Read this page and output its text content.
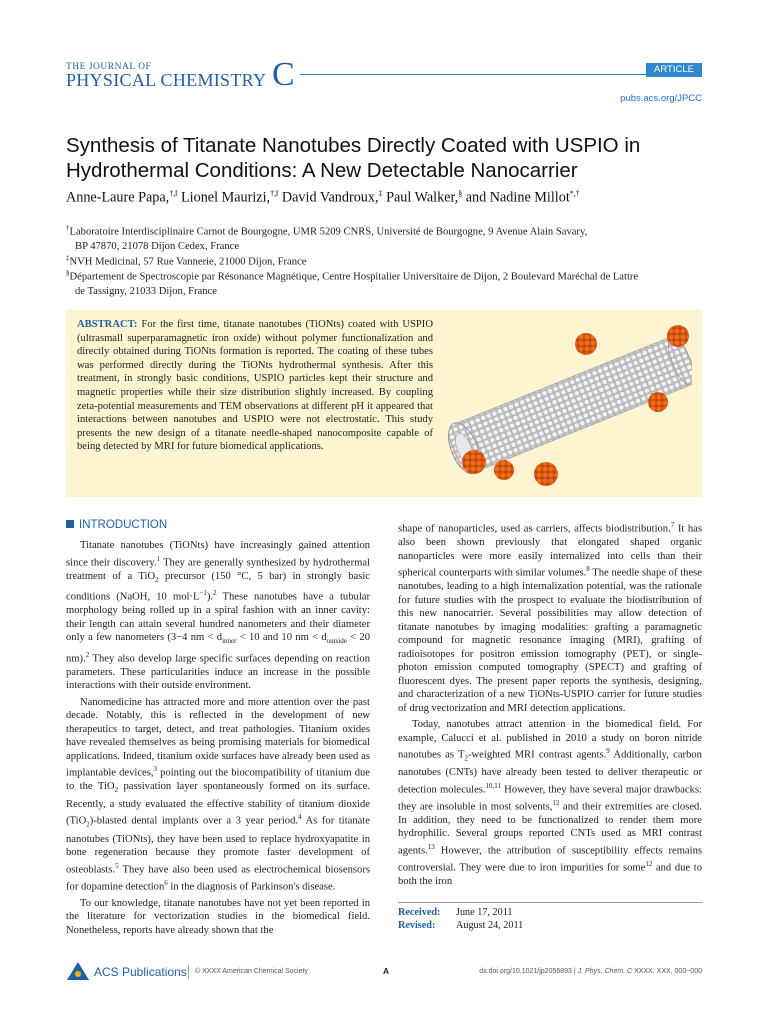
THE JOURNAL OF
PHYSICAL CHEMISTRY C	ARTICLE
pubs.acs.org/JPCC
Synthesis of Titanate Nanotubes Directly Coated with USPIO in Hydrothermal Conditions: A New Detectable Nanocarrier
Anne-Laure Papa,†,‖ Lionel Maurizi,†,‖ David Vandroux,‡ Paul Walker,§ and Nadine Millot*,†
†Laboratoire Interdisciplinaire Carnot de Bourgogne, UMR 5209 CNRS, Université de Bourgogne, 9 Avenue Alain Savary,
BP 47870, 21078 Dijon Cedex, France
‡NVH Medicinal, 57 Rue Vannerie, 21000 Dijon, France
§Département de Spectroscopie par Résonance Magnétique, Centre Hospitalier Universitaire de Dijon, 2 Boulevard Maréchal de Lattre
de Tassigny, 21033 Dijon, France
ABSTRACT: For the first time, titanate nanotubes (TiONts) coated with USPIO (ultrasmall superparamagnetic iron oxide) without polymer functionalization and directly obtained during TiONts formation is reported. The coating of these tubes was performed directly during the TiONts hydrothermal synthesis. After this treatment, in strongly basic conditions, USPIO particles kept their structure and magnetic properties while their size distribution slightly increased. By coupling zeta-potential measurements and TEM observations at different pH it appeared that interactions between nanotubes and USPIO were not electrostatic. This study presents the new design of a titanate needle-shaped nanocomposite capable of being detected by MRI for future biomedical applications.
INTRODUCTION

Titanate nanotubes (TiONts) have increasingly gained attention since their discovery.$^1$ They are generally synthesized by hydrothermal treatment of a TiO$_2$ precursor (150 °C, 5 bar) in strongly basic conditions (NaOH, 10 $mol\cdot L^{-1}).^2$ These nanotubes have a tubular morphology being rolled up in a spiral fashion with an inner cavity: their length can attain several hundred nanometers and their diameter only a few nanometers (3−4 nm < $d_{inner} < 10$ and 10 nm < $d_{outside} < 20$ nm).$^2$ They also develop large specific surfaces depending on reaction parameters. These particularities induce an increase in the possible interactions with their outside environment.

Nanomedicine has attracted more and more attention over the past decade. Notably, this is reflected in the development of new therapeutics to target, detect, and treat pathologies. Titanium oxides have revealed themselves as being promising materials for biomedical applications. Indeed, titanium oxide surfaces have already been used as implantable devices,$^3$ pointing out the biocompatibility of titanium due to the TiO$_2$ passivation layer spontaneously formed on its surface. Recently, a study evaluated the effective stability of titanium dioxide (TiO$_2$)-blasted dental implants over a 3 year period.$^4$ As for titanate nanotubes (TiONts), they have been used to replace hydroxyapatite in bone regeneration because they promote faster development of osteoblasts.$^5$ They have also been used as electrochemical biosensors for dopamine detection$^6$ in the diagnosis of Parkinson's disease.

To our knowledge, titanate nanotubes have not yet been reported in the literature for vectorization studies in the biomedical field. Nonetheless, reports have already shown that the

shape of nanoparticles, used as carriers, affects biodistribution.$^7$ It has also been shown previously that elongated shaped organic nanoparticles were more easily internalized into cells than their spherical counterparts with similar volumes.$^8$ The needle shape of these nanotubes, leading to a high internalization potential, was the rationale for future studies with the prospect to evaluate the biodistribution of this new nanocarrier. Several possibilities may allow detection of titanate nanotubes by imaging modalities: grafting a paramagnetic compound for magnetic resonance imaging (MRI), grafting of radioisotopes for positron emission tomography (PET), or single-photon emission computed tomography (SPECT) and grafting of fluorescent dyes. The present paper reports the synthesis, designing, and characterization of a new TiONts-USPIO carrier for future studies of drug vectorization and MRI detection applications.

Today, nanotubes attract attention in the biomedical field. For example, Calucci et al. published in 2010 a study on boron nitride nanotubes as $T_2$-weighted MRI contrast agents.$^9$ Additionally, carbon nanotubes (CNTs) have already been tested to deliver therapeutic or detection molecules.$^{10,11}$ However, they have several major drawbacks: they are insoluble in most solvents,$^{12}$ and their extremities are closed. In addition, they need to be functionalized to render them more hydrophilic. Several groups reported CNTs used as MRI contrast agents.$^{13}$ However, the attribution of susceptibility effects remains controversial. They were due to iron impurities for some$^{12}$ and due to both the iron

Received: June 17, 2011
Revised: August 24, 2011
ACS Publications © XXXX American Chemical Society	A	dx.doi.org/10.1021/jp2056893 | J. Phys. Chem. C XXXX, XXX, 000−000
